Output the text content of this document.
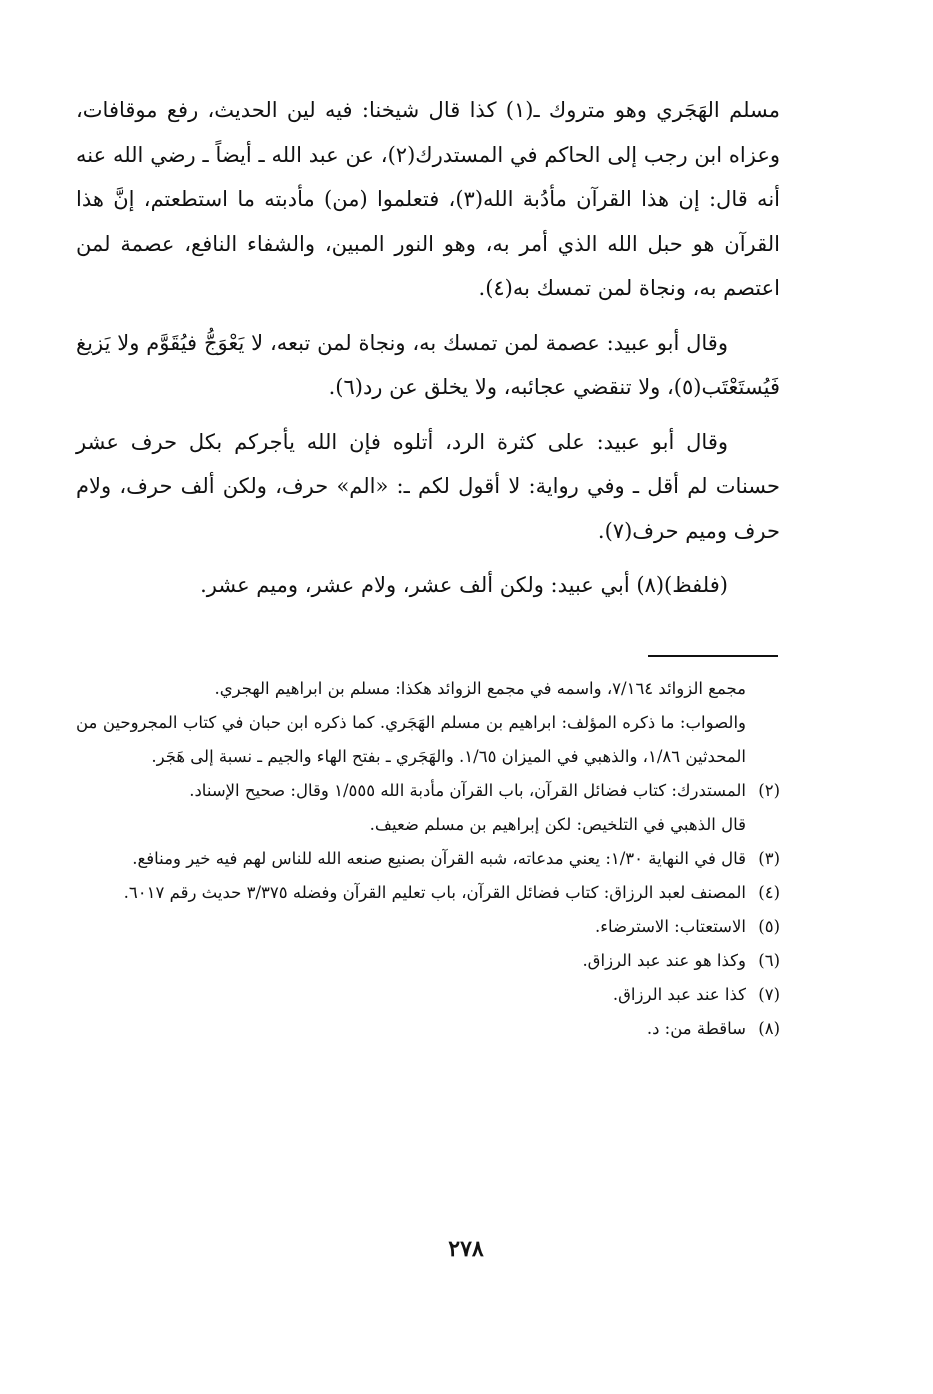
مسلم الهَجَري وهو متروك ـ(١) كذا قال شيخنا: فيه لين الحديث، رفع موقافات، وعزاه ابن رجب إلى الحاكم في المستدرك(٢)، عن عبد الله ـ أيضاً ـ رضي الله عنه أنه قال: إن هذا القرآن مأدُبة الله(٣)، فتعلموا (من) مأدبته ما استطعتم، إنَّ هذا القرآن هو حبل الله الذي أمر به، وهو النور المبين، والشفاء النافع، عصمة لمن اعتصم به، ونجاة لمن تمسك به(٤).

وقال أبو عبيد: عصمة لمن تمسك به، ونجاة لمن تبعه، لا يَعْوَجُّ فيُقَوَّم ولا يَزيغ فَيُستَعْتَب(٥)، ولا تنقضي عجائبه، ولا يخلق عن رد(٦).

وقال أبو عبيد: على كثرة الرد، أتلوه فإن الله يأجركم بكل حرف عشر حسنات لم أقل ـ وفي رواية: لا أقول لكم ـ: «الم» حرف، ولكن ألف حرف، ولام حرف وميم حرف(٧).

(فلفظ)(٨) أبي عبيد: ولكن ألف عشر، ولام عشر، وميم عشر.

مجمع الزوائد ٧/١٦٤، واسمه في مجمع الزوائد هكذا: مسلم بن ابراهيم الهجري.

والصواب: ما ذكره المؤلف: ابراهيم بن مسلم الهَجَري. كما ذكره ابن حبان في كتاب المجروحين من المحدثين ١/٨٦، والذهبي في الميزان ١/٦٥. والهَجَري ـ بفتح الهاء والجيم ـ نسبة إلى هَجَر.

(٢)

المستدرك: كتاب فضائل القرآن، باب القرآن مأدبة الله ١/٥٥٥ وقال: صحيح الإسناد.

قال الذهبي في التلخيص: لكن إبراهيم بن مسلم ضعيف.

(٣)

قال في النهاية ١/٣٠: يعني مدعاته، شبه القرآن بصنيع صنعه الله للناس لهم فيه خير ومنافع.

(٤)

المصنف لعبد الرزاق: كتاب فضائل القرآن، باب تعليم القرآن وفضله ٣/٣٧٥ حديث رقم ٦٠١٧.

(٥)

الاستعتاب: الاسترضاء.

(٦)

وكذا هو عند عبد الرزاق.

(٧)

كذا عند عبد الرزاق.

(٨)

ساقطة من: د.

٢٧٨
